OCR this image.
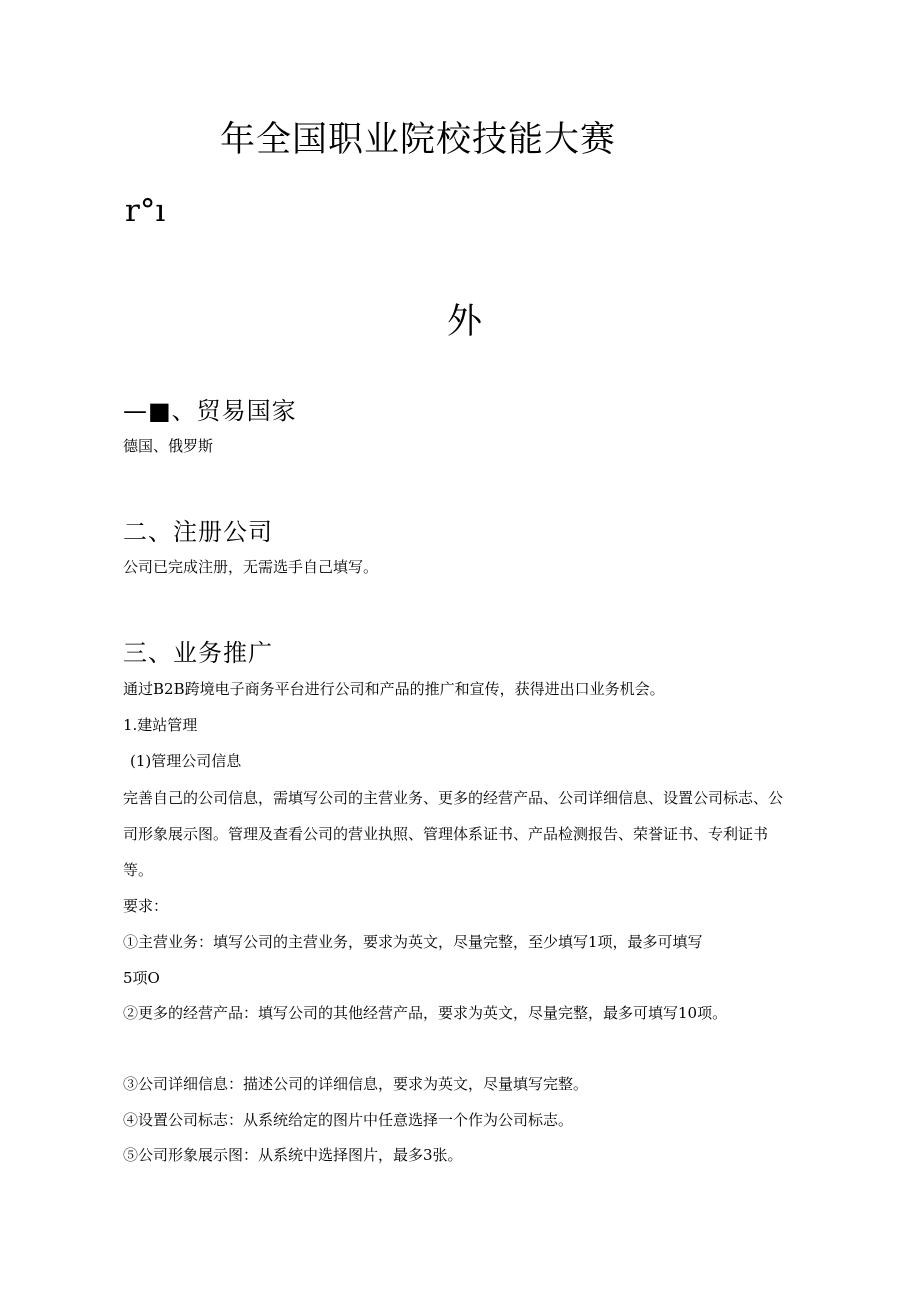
年全国职业院校技能大赛
r°ı
外
—■、贸易国家
德国、俄罗斯
二、注册公司
公司已完成注册，无需选手自己填写。
三、业务推广
通过B2B跨境电子商务平台进行公司和产品的推广和宣传，获得进出口业务机会。
1.建站管理
(1)管理公司信息
完善自己的公司信息，需填写公司的主营业务、更多的经营产品、公司详细信息、设置公司标志、公
司形象展示图。管理及查看公司的营业执照、管理体系证书、产品检测报告、荣誉证书、专利证书
等。
要求：
①主营业务：填写公司的主营业务，要求为英文，尽量完整，至少填写1项，最多可填写
5项O
②更多的经营产品：填写公司的其他经营产品，要求为英文，尽量完整，最多可填写10项。
③公司详细信息：描述公司的详细信息，要求为英文，尽量填写完整。
④设置公司标志：从系统给定的图片中任意选择一个作为公司标志。
⑤公司形象展示图：从系统中选择图片，最多3张。
